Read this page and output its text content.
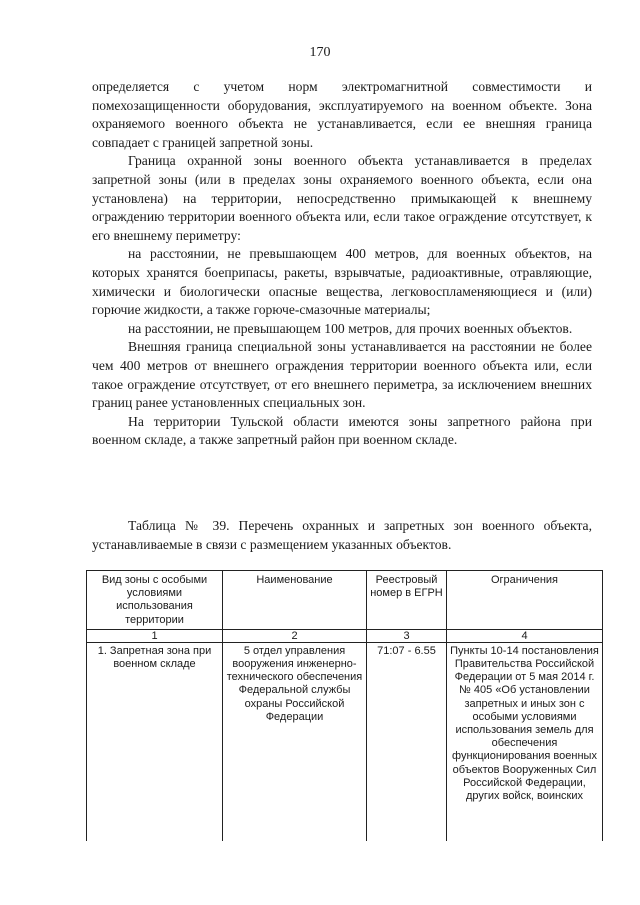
170

определяется с учетом норм электромагнитной совместимости и помехозащищенности оборудования, эксплуатируемого на военном объекте. Зона охраняемого военного объекта не устанавливается, если ее внешняя граница совпадает с границей запретной зоны.

Граница охранной зоны военного объекта устанавливается в пределах запретной зоны (или в пределах зоны охраняемого военного объекта, если она установлена) на территории, непосредственно примыкающей к внешнему ограждению территории военного объекта или, если такое ограждение отсутствует, к его внешнему периметру:

на расстоянии, не превышающем 400 метров, для военных объектов, на которых хранятся боеприпасы, ракеты, взрывчатые, радиоактивные, отравляющие, химически и биологически опасные вещества, легковоспламеняющиеся и (или) горючие жидкости, а также горюче-смазочные материалы;

на расстоянии, не превышающем 100 метров, для прочих военных объектов.

Внешняя граница специальной зоны устанавливается на расстоянии не более чем 400 метров от внешнего ограждения территории военного объекта или, если такое ограждение отсутствует, от его внешнего периметра, за исключением внешних границ ранее установленных специальных зон.

На территории Тульской области имеются зоны запретного района при военном складе, а также запретный район при военном складе.

Таблица № 39. Перечень охранных и запретных зон военного объекта, устанавливаемые в связи с размещением указанных объектов.

Вид зоны с особыми условиями использования территории	Наименование	Реестровый номер в ЕГРН	Ограничения
1	2	3	4
1. Запретная зона при военном складе	5 отдел управления вооружения инженерно-технического обеспечения Федеральной службы охраны Российской Федерации	71:07 - 6.55	Пункты 10-14 постановления Правительства Российской Федерации от 5 мая 2014 г. № 405 «Об установлении запретных и иных зон с особыми условиями использования земель для обеспечения функционирования военных объектов Вооруженных Сил Российской Федерации, других войск, воинских
